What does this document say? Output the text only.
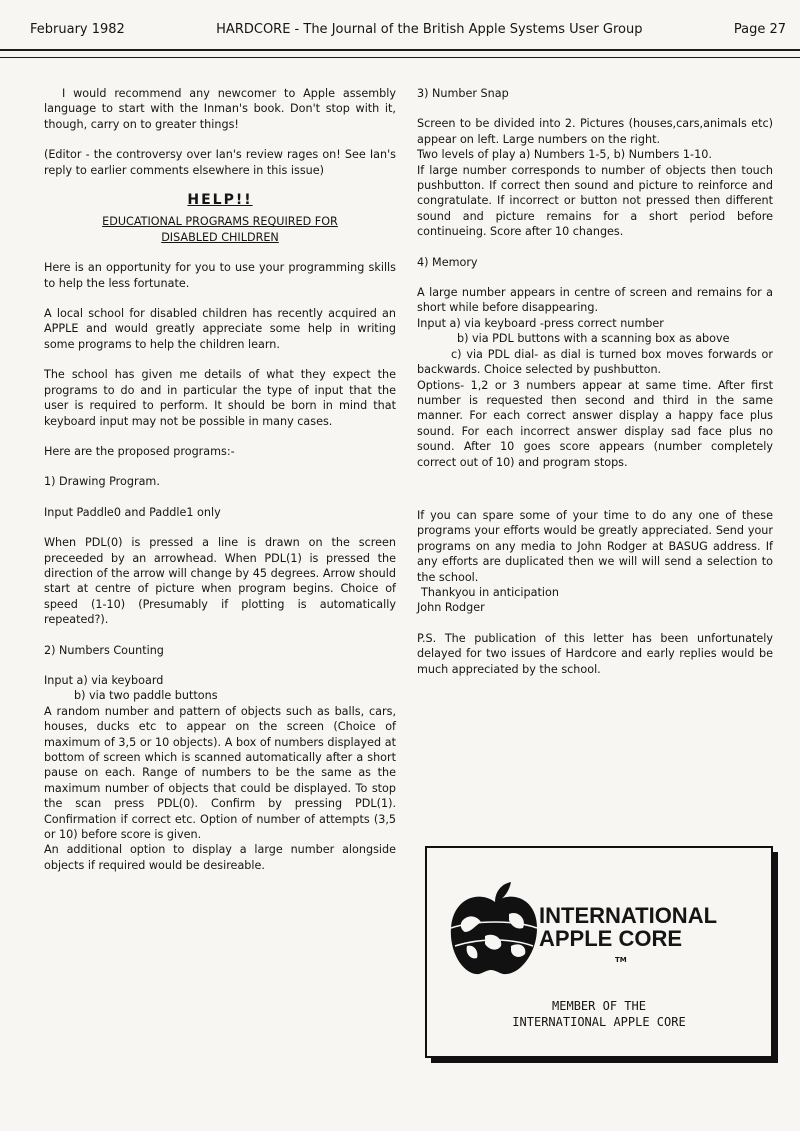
February 1982	HARDCORE - The Journal of the British Apple Systems User Group	Page 27

I would recommend any newcomer to Apple assembly language to start with the Inman's book. Don't stop with it, though, carry on to greater things!

(Editor - the controversy over Ian's review rages on! See Ian's reply to earlier comments elsewhere in this issue)

HELP!!
EDUCATIONAL PROGRAMS REQUIRED FOR
DISABLED CHILDREN

Here is an opportunity for you to use your programming skills to help the less fortunate.

A local school for disabled children has recently acquired an APPLE and would greatly appreciate some help in writing some programs to help the children learn.

The school has given me details of what they expect the programs to do and in particular the type of input that the user is required to perform. It should be born in mind that keyboard input may not be possible in many cases.

Here are the proposed programs:-

1) Drawing Program.

Input Paddle0 and Paddle1 only

When PDL(0) is pressed a line is drawn on the screen preceeded by an arrowhead. When PDL(1) is pressed the direction of the arrow will change by 45 degrees. Arrow should start at centre of picture when program begins. Choice of speed (1-10) (Presumably if plotting is automatically repeated?).

2) Numbers Counting

Input a) via keyboard

b) via two paddle buttons

A random number and pattern of objects such as balls, cars, houses, ducks etc to appear on the screen (Choice of maximum of 3,5 or 10 objects). A box of numbers displayed at bottom of screen which is scanned automatically after a short pause on each. Range of numbers to be the same as the maximum number of objects that could be displayed. To stop the scan press PDL(0). Confirm by pressing PDL(1). Confirmation if correct etc. Option of number of attempts (3,5 or 10) before score is given.

An additional option to display a large number alongside objects if required would be desireable.

3) Number Snap

Screen to be divided into 2. Pictures (houses,cars,animals etc) appear on left. Large numbers on the right.

Two levels of play a) Numbers 1-5, b) Numbers 1-10.

If large number corresponds to number of objects then touch pushbutton. If correct then sound and picture to reinforce and congratulate. If incorrect or button not pressed then different sound and picture remains for a short period before continueing. Score after 10 changes.

4) Memory

A large number appears in centre of screen and remains for a short while before disappearing.

Input a) via keyboard -press correct number

b) via PDL buttons with a scanning box as above

c) via PDL dial- as dial is turned box moves forwards or backwards. Choice selected by pushbutton.

Options- 1,2 or 3 numbers appear at same time. After first number is requested then second and third in the same manner. For each correct answer display a happy face plus sound. For each incorrect answer display sad face plus no sound. After 10 goes score appears (number completely correct out of 10) and program stops.

If you can spare some of your time to do any one of these programs your efforts would be greatly appreciated. Send your programs on any media to John Rodger at BASUG address. If any efforts are duplicated then we will will send a selection to the school.

Thankyou in anticipation

John Rodger

P.S. The publication of this letter has been unfortunately delayed for two issues of Hardcore and early replies would be much appreciated by the school.

INTERNATIONAL
APPLE CORE
TM
MEMBER OF THE
INTERNATIONAL APPLE CORE
